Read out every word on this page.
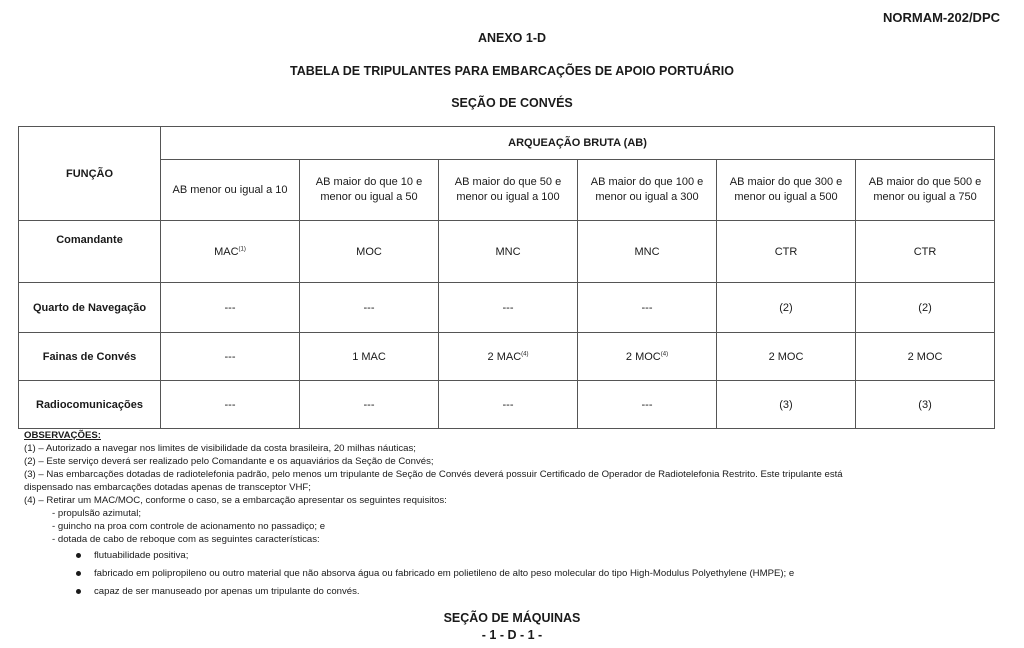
NORMAM-202/DPC
ANEXO 1-D
TABELA DE TRIPULANTES PARA EMBARCAÇÕES DE APOIO PORTUÁRIO
SEÇÃO DE CONVÉS
FUNÇÃO	ARQUEAÇÃO BRUTA (AB)					
	AB menor ou igual a 10	AB maior do que 10 e menor ou igual a 50	AB maior do que 50 e menor ou igual a 100	AB maior do que 100 e menor ou igual a 300	AB maior do que 300 e menor ou igual a 500	AB maior do que 500 e menor ou igual a 750
Comandante	MAC$^{(1)}$	MOC	MNC	MNC	CTR	CTR
Quarto de Navegação	---	---	---	---	(2)	(2)
Fainas de Convés	---	1 MAC	2 MAC$^{(4)}$	2 MOC$^{(4)}$	2 MOC	2 MOC
Radiocomunicações	---	---	---	---	(3)	(3)
OBSERVAÇÕES:
(1) – Autorizado a navegar nos limites de visibilidade da costa brasileira, 20 milhas náuticas;
(2) – Este serviço deverá ser realizado pelo Comandante e os aquaviários da Seção de Convés;
(3) – Nas embarcações dotadas de radiotelefonia padrão, pelo menos um tripulante de Seção de Convés deverá possuir Certificado de Operador de Radiotelefonia Restrito. Este tripulante está
dispensado nas embarcações dotadas apenas de transceptor VHF;
(4) – Retirar um MAC/MOC, conforme o caso, se a embarcação apresentar os seguintes requisitos:
- propulsão azimutal;
- guincho na proa com controle de acionamento no passadiço; e
- dotada de cabo de reboque com as seguintes características:
flutuabilidade positiva;
fabricado em polipropileno ou outro material que não absorva água ou fabricado em polietileno de alto peso molecular do tipo High-Modulus Polyethylene (HMPE); e
capaz de ser manuseado por apenas um tripulante do convés.
SEÇÃO DE MÁQUINAS
- 1 - D - 1 -
